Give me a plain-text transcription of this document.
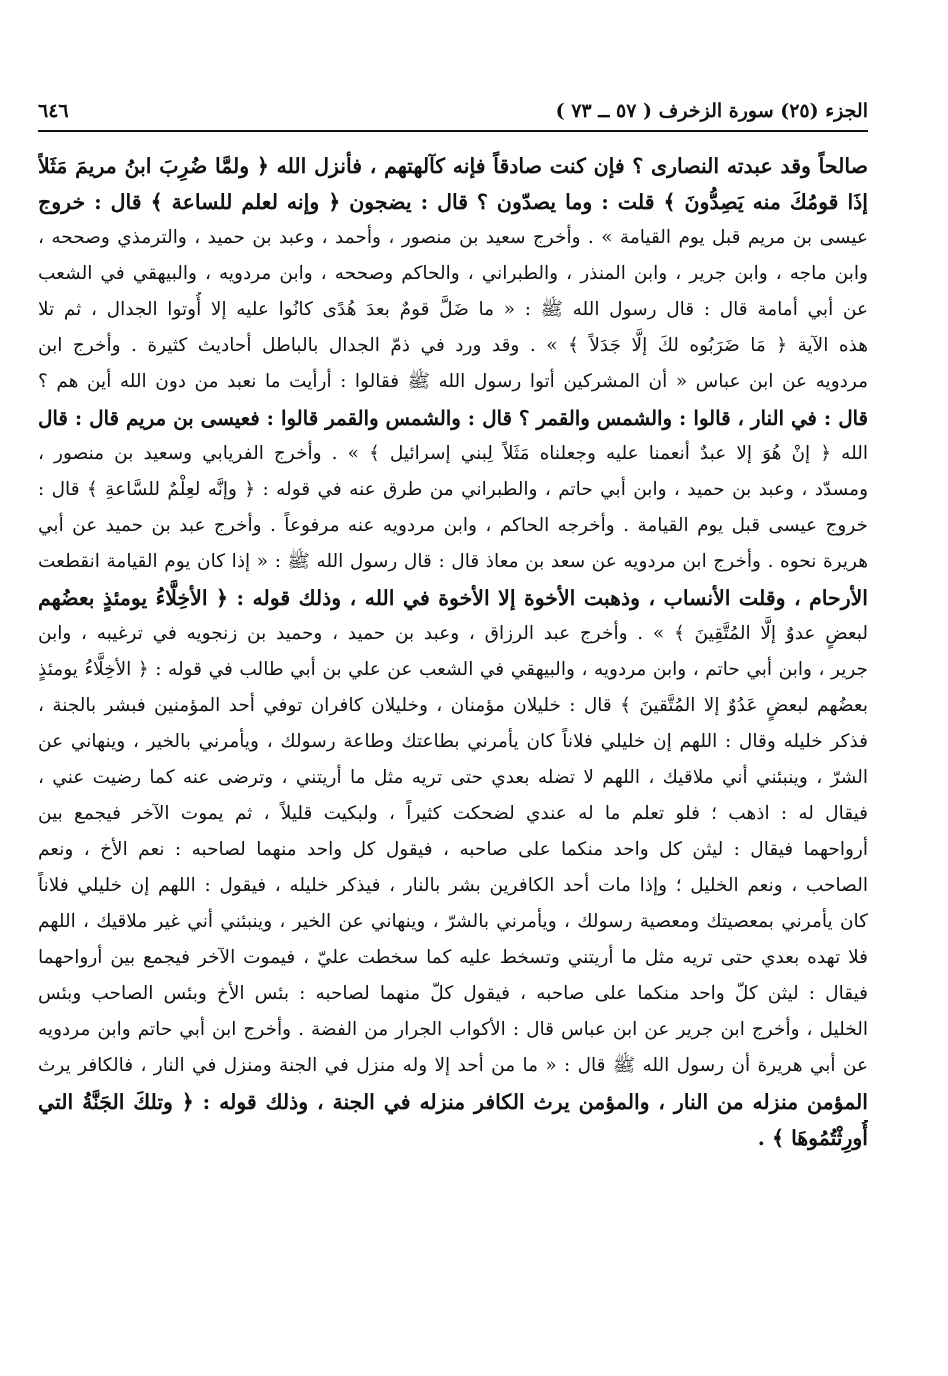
الجزء (٢٥) سورة الزخرف ( ٥٧ ــ ٧٣ )
٦٤٦
صالحاً وقد عبدته النصارى ؟ فإن كنت صادقاً فإنه كآلهتهم ، فأنزل الله ﴿ ولمَّا ضُرِبَ ابنُ مريمَ مَثَلاً
إذَا قومُكَ منه يَصِدُّونَ ﴾ قلت : وما يصدّون ؟ قال : يضجون ﴿ وإنه لعلم للساعة ﴾ قال : خروج
عيسى بن مريم قبل يوم القيامة » . وأخرج سعيد بن منصور ، وأحمد ، وعبد بن حميد ، والترمذي وصححه ،
وابن ماجه ، وابن جرير ، وابن المنذر ، والطبراني ، والحاكم وصححه ، وابن مردويه ، والبيهقي في الشعب
عن أبي أمامة قال : قال رسول الله ﷺ : « ما ضَلَّ قومٌ بعدَ هُدًى كانُوا عليه إلا أُوتوا الجدال ، ثم تلا
هذه الآية ﴿ مَا ضَرَبُوه لكَ إلَّا جَدَلاً ﴾ » . وقد ورد في ذمّ الجدال بالباطل أحاديث كثيرة . وأخرج ابن
مردويه عن ابن عباس « أن المشركين أتوا رسول الله ﷺ فقالوا : أرأيت ما نعبد من دون الله أين هم ؟
قال : في النار ، قالوا : والشمس والقمر ؟ قال : والشمس والقمر قالوا : فعيسى بن مريم قال : قال
الله ﴿ إنْ هُوَ إلا عبدٌ أنعمنا عليه وجعلناه مَثَلاً لِبني إسرائيل ﴾ » . وأخرج الفريابي وسعيد بن منصور ،
ومسدّد ، وعبد بن حميد ، وابن أبي حاتم ، والطبراني من طرق عنه في قوله : ﴿ وإنَّه لعِلْمٌ للسَّاعةِ ﴾ قال :
خروج عيسى قبل يوم القيامة . وأخرجه الحاكم ، وابن مردويه عنه مرفوعاً . وأخرج عبد بن حميد عن أبي
هريرة نحوه . وأخرج ابن مردويه عن سعد بن معاذ قال : قال رسول الله ﷺ : « إذا كان يوم القيامة انقطعت
الأرحام ، وقلت الأنساب ، وذهبت الأخوة إلا الأخوة في الله ، وذلك قوله : ﴿ الأخِلَّاءُ يومئذٍ بعضُهم
لبعضٍ عدوٌ إلَّا المُتَّقِينَ ﴾ » . وأخرج عبد الرزاق ، وعبد بن حميد ، وحميد بن زنجويه في ترغيبه ، وابن
جرير ، وابن أبي حاتم ، وابن مردويه ، والبيهقي في الشعب عن علي بن أبي طالب في قوله : ﴿ الأخِلَّاءُ يومئذٍ
بعضُهم لبعضٍ عَدُوٌ إلا المُتَّقينَ ﴾ قال : خليلان مؤمنان ، وخليلان كافران توفي أحد المؤمنين فبشر بالجنة ،
فذكر خليله وقال : اللهم إن خليلي فلاناً كان يأمرني بطاعتك وطاعة رسولك ، ويأمرني بالخير ، وينهاني عن
الشرّ ، وينبئني أني ملاقيك ، اللهم لا تضله بعدي حتى تريه مثل ما أريتني ، وترضى عنه كما رضيت عني ،
فيقال له : اذهب ؛ فلو تعلم ما له عندي لضحكت كثيراً ، ولبكيت قليلاً ، ثم يموت الآخر فيجمع بين
أرواحهما فيقال : ليثن كل واحد منكما على صاحبه ، فيقول كل واحد منهما لصاحبه : نعم الأخ ، ونعم
الصاحب ، ونعم الخليل ؛ وإذا مات أحد الكافرين بشر بالنار ، فيذكر خليله ، فيقول : اللهم إن خليلي فلاناً
كان يأمرني بمعصيتك ومعصية رسولك ، ويأمرني بالشرّ ، وينهاني عن الخير ، وينبئني أني غير ملاقيك ، اللهم
فلا تهده بعدي حتى تريه مثل ما أريتني وتسخط عليه كما سخطت عليّ ، فيموت الآخر فيجمع بين أرواحهما
فيقال : ليثن كلّ واحد منكما على صاحبه ، فيقول كلّ منهما لصاحبه : بئس الأخ وبئس الصاحب وبئس
الخليل ، وأخرج ابن جرير عن ابن عباس قال : الأكواب الجرار من الفضة . وأخرج ابن أبي حاتم وابن مردويه
عن أبي هريرة أن رسول الله ﷺ قال : « ما من أحد إلا وله منزل في الجنة ومنزل في النار ، فالكافر يرث
المؤمن منزله من النار ، والمؤمن يرث الكافر منزله في الجنة ، وذلك قوله : ﴿ وتلكَ الجَنَّةُ التي
أُورِثْتُمُوهَا ﴾ .
